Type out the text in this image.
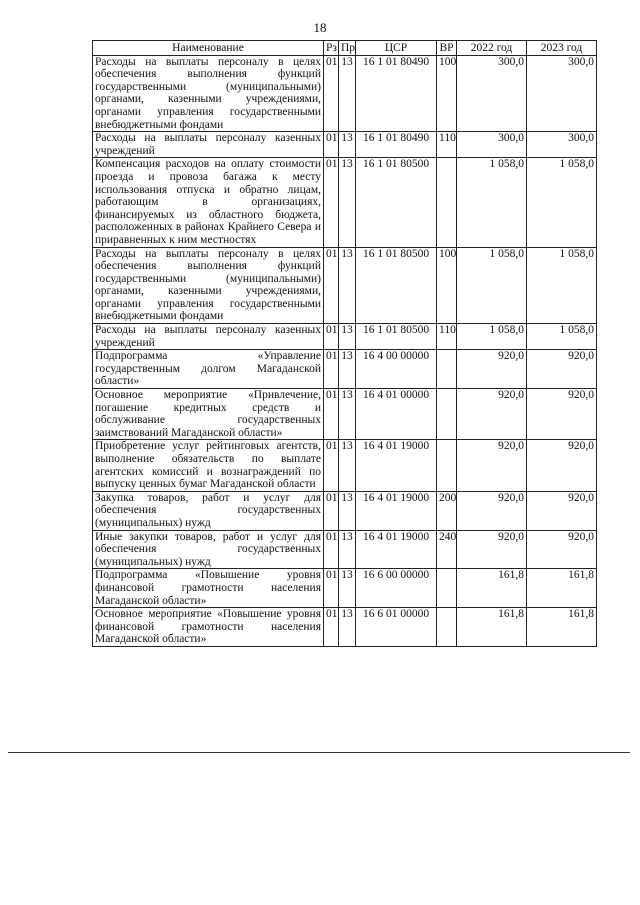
18
Наименование	Рз	Пр	ЦСР	ВР	2022 год	2023 год
Расходы на выплаты персоналу в целях обеспечения выполнения функций государственными (муниципальными) органами, казенными учреждениями, органами управления государственными внебюджетными фондами	01	13	16 1 01 80490	100	300,0	300,0
Расходы на выплаты персоналу казенных учреждений	01	13	16 1 01 80490	110	300,0	300,0
Компенсация расходов на оплату стоимости проезда и провоза багажа к месту использования отпуска и обратно лицам, работающим в организациях, финансируемых из областного бюджета, расположенных в районах Крайнего Севера и приравненных к ним местностях	01	13	16 1 01 80500		1 058,0	1 058,0
Расходы на выплаты персоналу в целях обеспечения выполнения функций государственными (муниципальными) органами, казенными учреждениями, органами управления государственными внебюджетными фондами	01	13	16 1 01 80500	100	1 058,0	1 058,0
Расходы на выплаты персоналу казенных учреждений	01	13	16 1 01 80500	110	1 058,0	1 058,0
Подпрограмма «Управление государственным долгом Магаданской области»	01	13	16 4 00 00000		920,0	920,0
Основное мероприятие «Привлечение, погашение кредитных средств и обслуживание государственных заимствований Магаданской области»	01	13	16 4 01 00000		920,0	920,0
Приобретение услуг рейтинговых агентств, выполнение обязательств по выплате агентских комиссий и вознаграждений по выпуску ценных бумаг Магаданской области	01	13	16 4 01 19000		920,0	920,0
Закупка товаров, работ и услуг для обеспечения государственных (муниципальных) нужд	01	13	16 4 01 19000	200	920,0	920,0
Иные закупки товаров, работ и услуг для обеспечения государственных (муниципальных) нужд	01	13	16 4 01 19000	240	920,0	920,0
Подпрограмма «Повышение уровня финансовой грамотности населения Магаданской области»	01	13	16 6 00 00000		161,8	161,8
Основное мероприятие «Повышение уровня финансовой грамотности населения Магаданской области»	01	13	16 6 01 00000		161,8	161,8
